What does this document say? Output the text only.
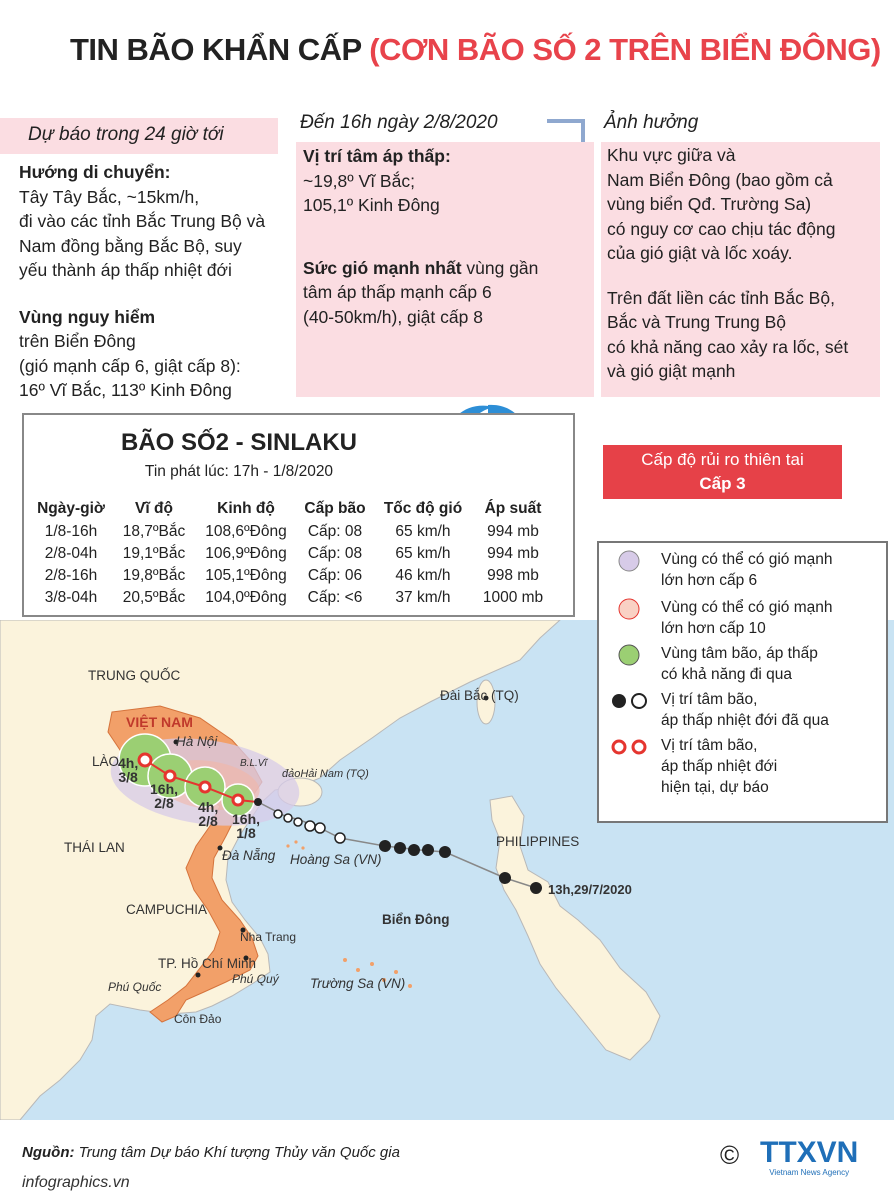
TIN BÃO KHẨN CẤP (CƠN BÃO SỐ 2 TRÊN BIỂN ĐÔNG)
Dự báo trong 24 giờ tới
Hướng di chuyển:
Tây Tây Bắc, ~15km/h,
đi vào các tỉnh Bắc Trung Bộ và
Nam đồng bằng Bắc Bộ, suy
yếu thành áp thấp nhiệt đới
Vùng nguy hiểm
trên Biển Đông
(gió mạnh cấp 6, giật cấp 8):
16º Vĩ Bắc, 113º Kinh Đông
Đến 16h ngày 2/8/2020
Vị trí tâm áp thấp:
~19,8º Vĩ Bắc;
105,1º Kinh Đông
Sức gió mạnh nhất vùng gần
tâm áp thấp mạnh cấp 6
(40-50km/h), giật cấp 8
Ảnh hưởng
Khu vực giữa và
Nam Biển Đông (bao gồm cả
vùng biển Qđ. Trường Sa)
có nguy cơ cao chịu tác động
của gió giật và lốc xoáy.
Trên đất liền các tỉnh Bắc Bộ,
Bắc và Trung Trung Bộ
có khả năng cao xảy ra lốc, sét
và gió giật mạnh
BÃO SỐ2 - SINLAKU
Tin phát lúc: 17h - 1/8/2020
Ngày-giờ	Vĩ độ	Kinh độ	Cấp bão	Tốc độ gió	Áp suất
1/8-16h	18,7ºBắc	108,6ºĐông	Cấp: 08	65 km/h	994 mb
2/8-04h	19,1ºBắc	106,9ºĐông	Cấp: 08	65 km/h	994 mb
2/8-16h	19,8ºBắc	105,1ºĐông	Cấp: 06	46 km/h	998 mb
3/8-04h	20,5ºBắc	104,0ºĐông	Cấp: <6	37 km/h	1000 mb
Cấp độ rủi ro thiên tai
Cấp 3
TRUNG QUỐC
VIỆT NAM
Hà Nội
LÀO	B.L.Vĩ
đảoHải Nam (TQ)
Đài Bắc (TQ)
THÁI LAN
Đà Nẵng Hoàng Sa (VN)
PHILIPPINES
CAMPUCHIA
Biển Đông
Nha Trang
TP. Hồ Chí Minh
Phú Quý
Phú Quốc	Trường Sa (VN)
Côn Đảo
13h,29/7/2020
4h,
3/8
16h,
2/8	4h,
2/8 16h,
1/8
Vùng có thể có gió mạnh
lớn hơn cấp 6
Vùng có thể có gió mạnh
lớn hơn cấp 10
Vùng tâm bão, áp thấp
có khả năng đi qua
Vị trí tâm bão,
áp thấp nhiệt đới đã qua
Vị trí tâm bão,
áp thấp nhiệt đới
hiện tại, dự báo
Nguồn: Trung tâm Dự báo Khí tượng Thủy văn Quốc gia
infographics.vn
© TTXVN
Vietnam News Agency
